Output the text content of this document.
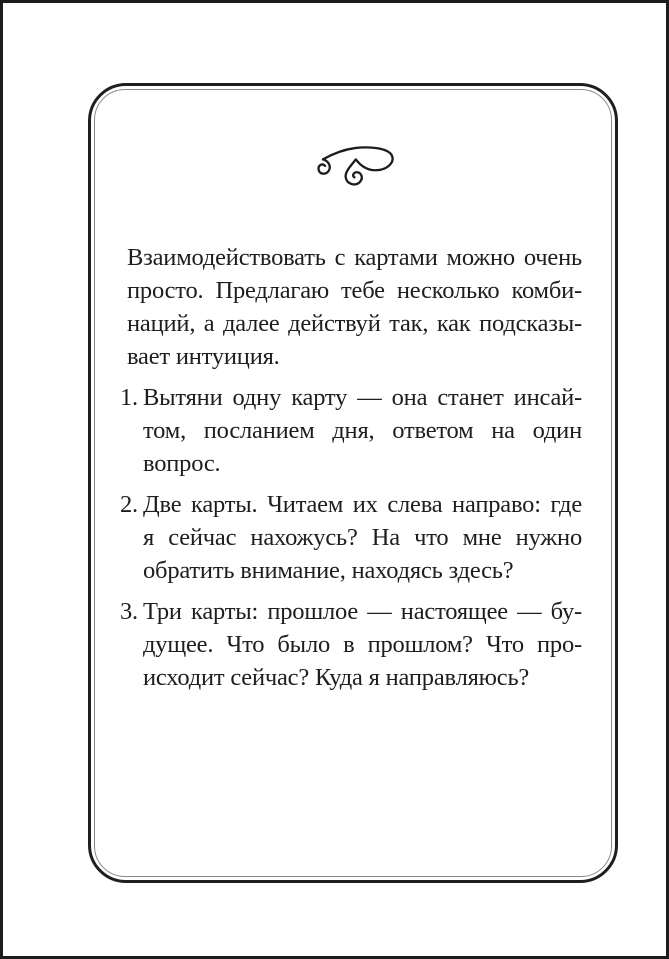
Взаимодействовать с картами можно очень
просто. Предлагаю тебе несколько комби-
наций, а далее действуй так, как подсказы-
вает интуиция.
1. Вытяни одну карту — она станет инсай-
том, посланием дня, ответом на один
вопрос.
2. Две карты. Читаем их слева направо: где
я сейчас нахожусь? На что мне нужно
обратить внимание, находясь здесь?
3. Три карты: прошлое — настоящее — бу-
дущее. Что было в прошлом? Что про-
исходит сейчас? Куда я направляюсь?
